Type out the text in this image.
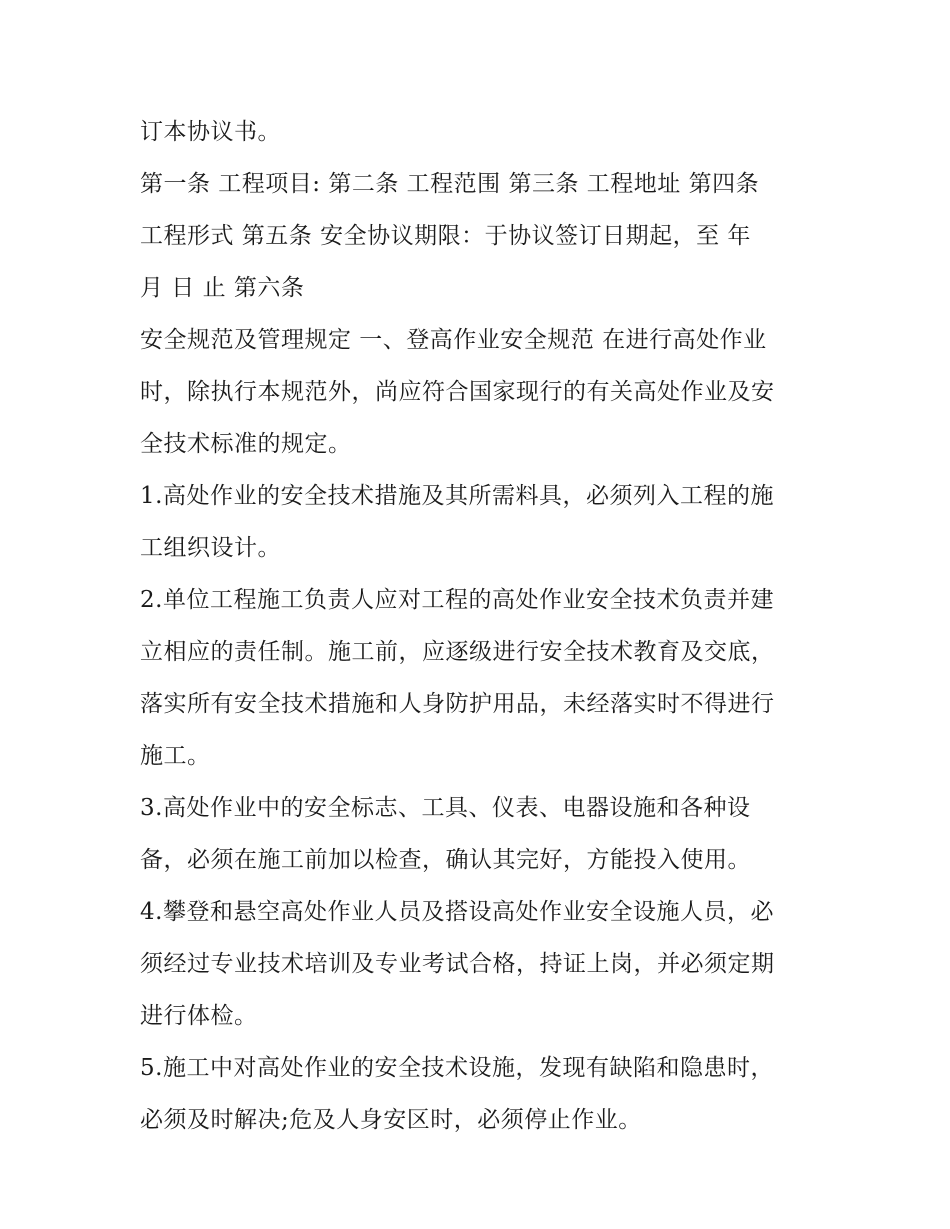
订本协议书。
第一条 工程项目: 第二条 工程范围 第三条 工程地址 第四条
工程形式 第五条 安全协议期限：于协议签订日期起，至 年
月 日 止 第六条
安全规范及管理规定 一、登高作业安全规范 在进行高处作业
时，除执行本规范外，尚应符合国家现行的有关高处作业及安
全技术标准的规定。
1.高处作业的安全技术措施及其所需料具，必须列入工程的施
工组织设计。
2.单位工程施工负责人应对工程的高处作业安全技术负责并建
立相应的责任制。施工前，应逐级进行安全技术教育及交底，
落实所有安全技术措施和人身防护用品，未经落实时不得进行
施工。
3.高处作业中的安全标志、工具、仪表、电器设施和各种设
备，必须在施工前加以检查，确认其完好，方能投入使用。
4.攀登和悬空高处作业人员及搭设高处作业安全设施人员，必
须经过专业技术培训及专业考试合格，持证上岗，并必须定期
进行体检。
5.施工中对高处作业的安全技术设施，发现有缺陷和隐患时，
必须及时解决;危及人身安区时，必须停止作业。
